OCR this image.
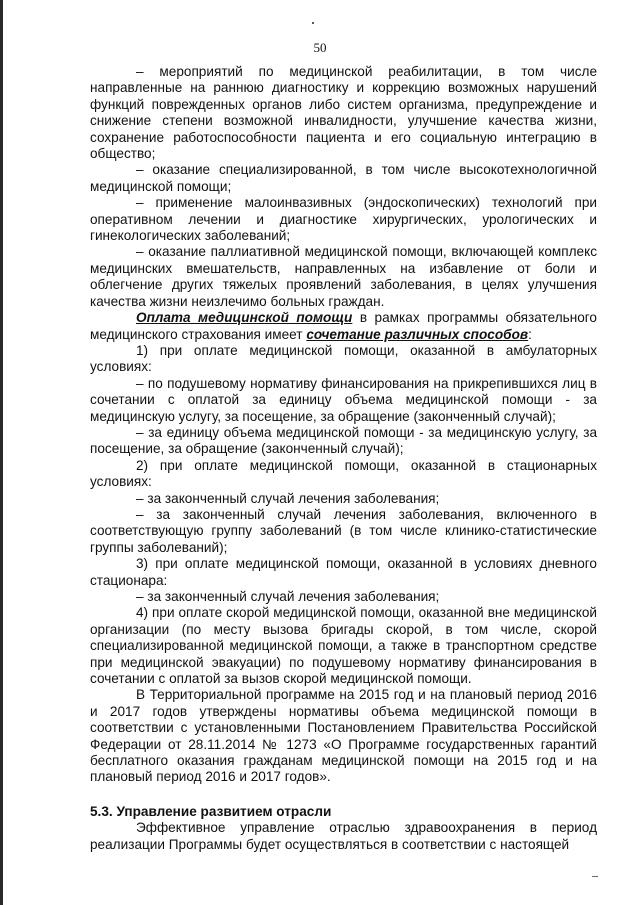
50

– мероприятий по медицинской реабилитации, в том числе направленные на раннюю диагностику и коррекцию возможных нарушений функций поврежденных органов либо систем организма, предупреждение и снижение степени возможной инвалидности, улучшение качества жизни, сохранение работоспособности пациента и его социальную интеграцию в общество;

– оказание специализированной, в том числе высокотехнологичной медицинской помощи;

– применение малоинвазивных (эндоскопических) технологий при оперативном лечении и диагностике хирургических, урологических и гинекологических заболеваний;

– оказание паллиативной медицинской помощи, включающей комплекс медицинских вмешательств, направленных на избавление от боли и облегчение других тяжелых проявлений заболевания, в целях улучшения качества жизни неизлечимо больных граждан.

Оплата медицинской помощи в рамках программы обязательного медицинского страхования имеет сочетание различных способов:

1) при оплате медицинской помощи, оказанной в амбулаторных условиях:

– по подушевому нормативу финансирования на прикрепившихся лиц в сочетании с оплатой за единицу объема медицинской помощи - за медицинскую услугу, за посещение, за обращение (законченный случай);

– за единицу объема медицинской помощи - за медицинскую услугу, за посещение, за обращение (законченный случай);

2) при оплате медицинской помощи, оказанной в стационарных условиях:

– за законченный случай лечения заболевания;

– за законченный случай лечения заболевания, включенного в соответствующую группу заболеваний (в том числе клинико-статистические группы заболеваний);

3) при оплате медицинской помощи, оказанной в условиях дневного стационара:

– за законченный случай лечения заболевания;

4) при оплате скорой медицинской помощи, оказанной вне медицинской организации (по месту вызова бригады скорой, в том числе, скорой специализированной медицинской помощи, а также в транспортном средстве при медицинской эвакуации) по подушевому нормативу финансирования в сочетании с оплатой за вызов скорой медицинской помощи.

В Территориальной программе на 2015 год и на плановый период 2016 и 2017 годов утверждены нормативы объема медицинской помощи в соответствии с установленными Постановлением Правительства Российской Федерации от 28.11.2014 № 1273 «О Программе государственных гарантий бесплатного оказания гражданам медицинской помощи на 2015 год и на плановый период 2016 и 2017 годов».

5.3. Управление развитием отрасли

Эффективное управление отраслью здравоохранения в период реализации Программы будет осуществляться в соответствии с настоящей
